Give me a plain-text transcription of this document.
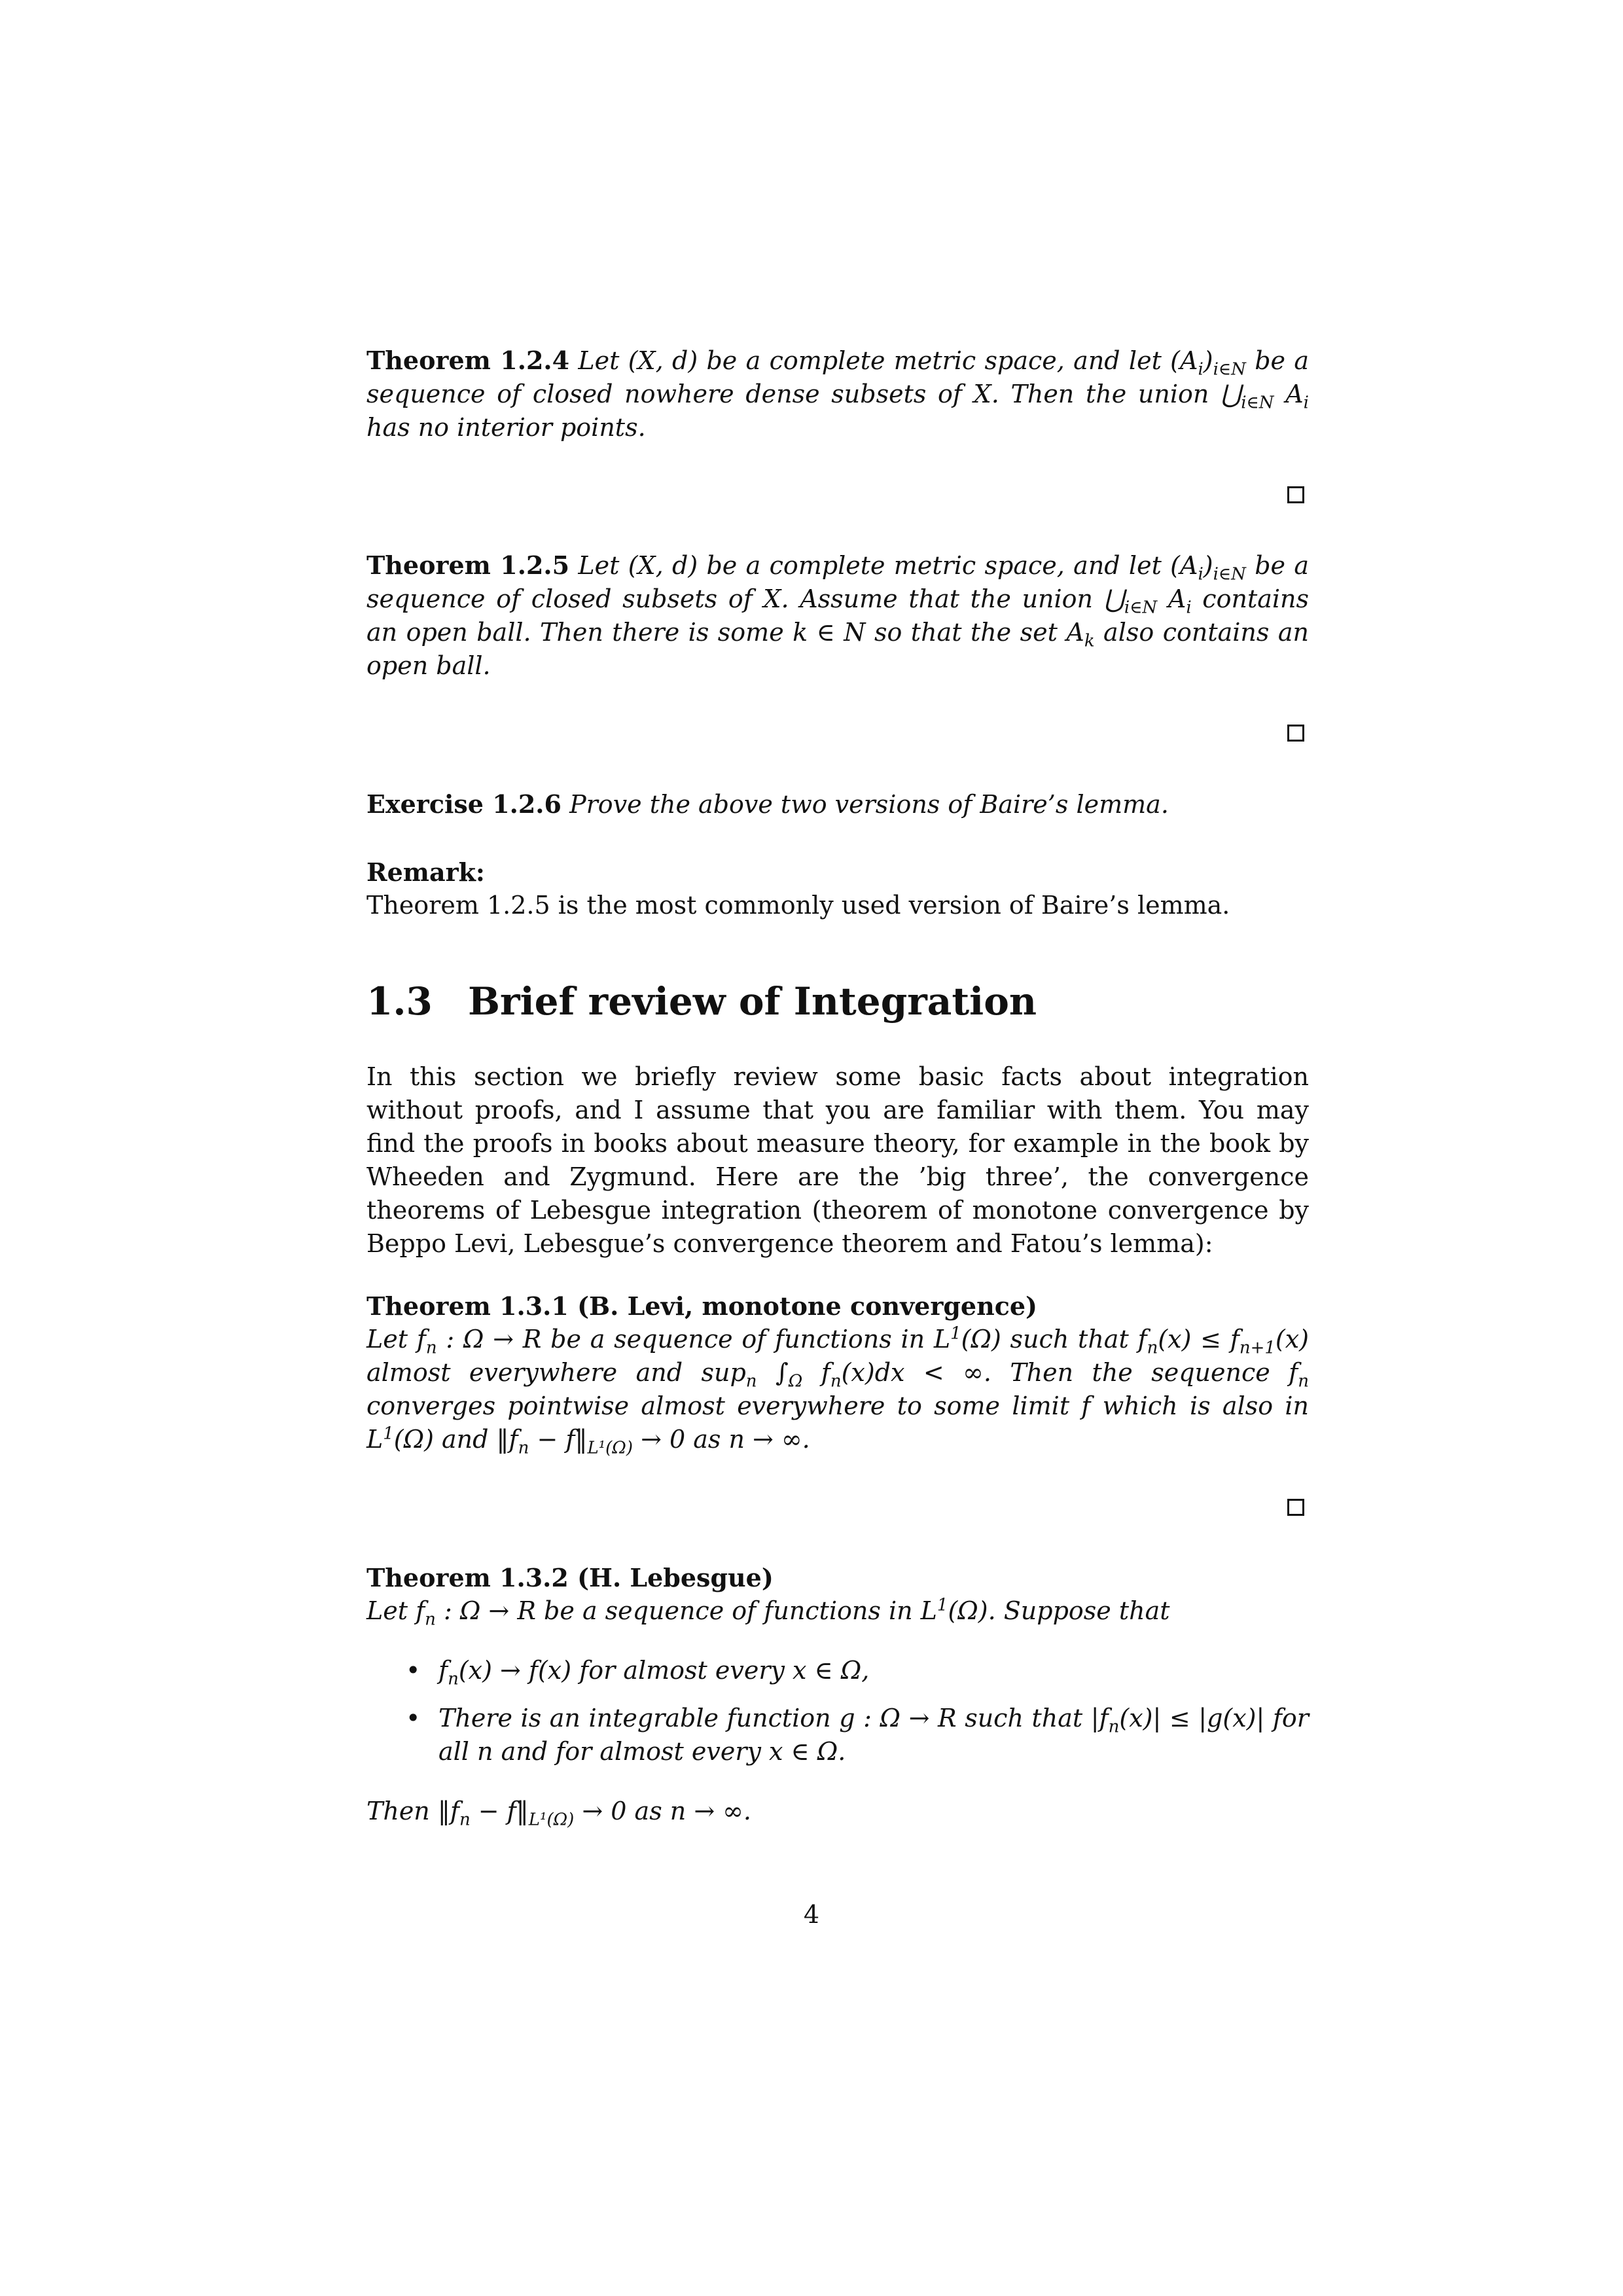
Theorem 1.2.4 Let (X, d) be a complete metric space, and let $(A_i)_{i\in N}$ be a sequence of closed nowhere dense subsets of X. Then the union $⋃_{i\in N}$ $A_i$ has no interior points.
Theorem 1.2.5 Let (X, d) be a complete metric space, and let $(A_i)_{i\in N}$ be a sequence of closed subsets of X. Assume that the union $⋃_{i\in N}$ $A_i$ contains an open ball. Then there is some k ∈ N so that the set $A_k$ also contains an open ball.
Exercise 1.2.6 Prove the above two versions of Baire’s lemma.
Remark:
Theorem 1.2.5 is the most commonly used version of Baire’s lemma.
1.3 Brief review of Integration
In this section we briefly review some basic facts about integration without proofs, and I assume that you are familiar with them. You may find the proofs in books about measure theory, for example in the book by Wheeden and Zygmund. Here are the ’big three’, the convergence theorems of Lebesgue integration (theorem of monotone convergence by Beppo Levi, Lebesgue’s convergence theorem and Fatou’s lemma):
Theorem 1.3.1 (B. Levi, monotone convergence)
Let $f_n$ : Ω → R be a sequence of functions in $L^1(\Omega)$ such that $f_n(x) \le f_{n+1}(x)$ almost everywhere and sup$_n$ $\int_\Omega$ $f_n(x)dx$ < ∞. Then the sequence $f_n$ converges pointwise almost everywhere to some limit f which is also in $L^1(\Omega)$ and $‖f_n$ − $f‖_{L^1(\Omega)} \to 0$ as n → ∞.
Theorem 1.3.2 (H. Lebesgue)
Let $f_n$ : Ω → R be a sequence of functions in $L^1(\Omega)$. Suppose that
• $f_n(x) \to f(x)$ for almost every x ∈ Ω,
• There is an integrable function g : Ω → R such that $|f_n(x)| \le |g(x)|$ for all n and for almost every x ∈ Ω.
Then $‖f_n$ − $f‖_{L^1(\Omega)} \to 0$ as n → ∞.
4
